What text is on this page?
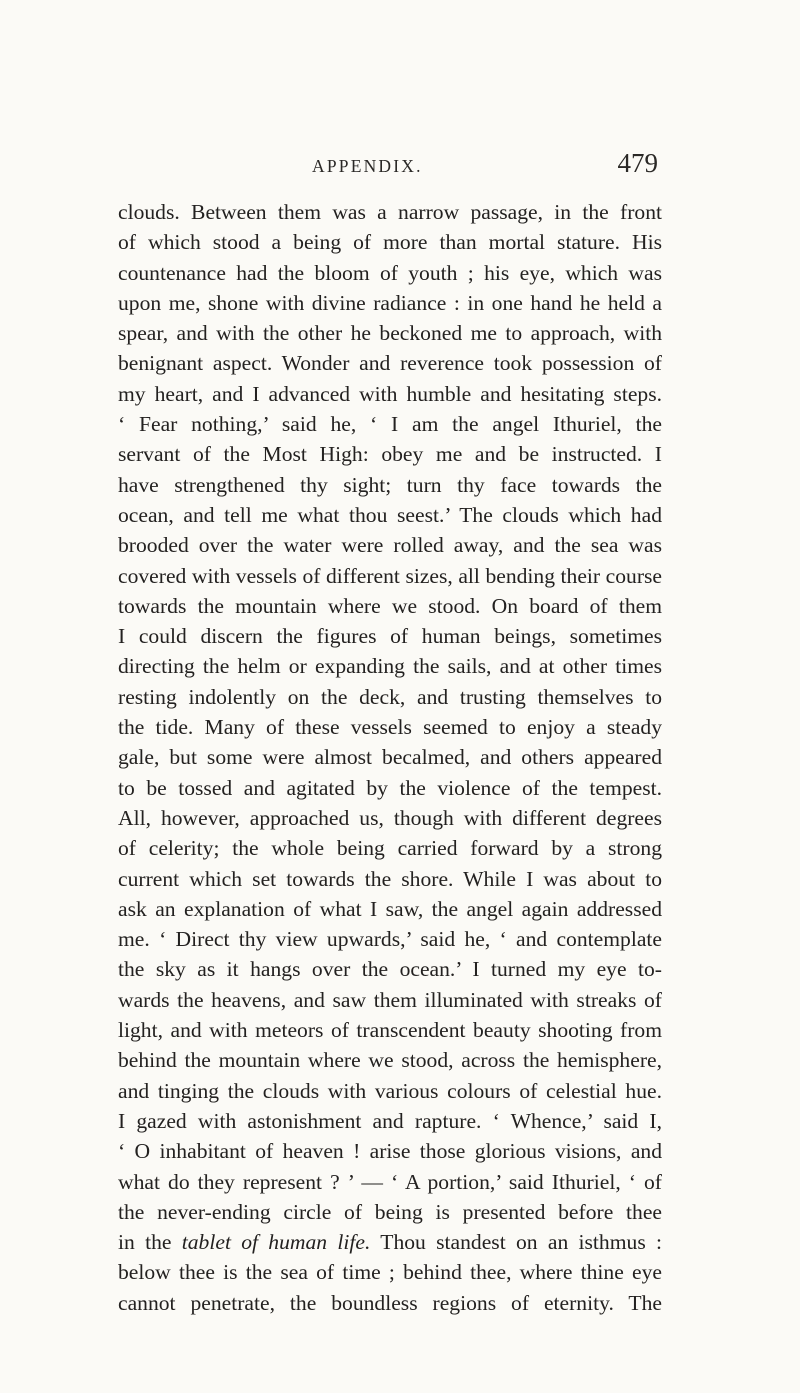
APPENDIX.	479
clouds. Between them was a narrow passage, in the front
of which stood a being of more than mortal stature. His
countenance had the bloom of youth ; his eye, which was
upon me, shone with divine radiance : in one hand he held a
spear, and with the other he beckoned me to approach, with
benignant aspect. Wonder and reverence took possession of
my heart, and I advanced with humble and hesitating steps.
‘ Fear nothing,’ said he, ‘ I am the angel Ithuriel, the
servant of the Most High: obey me and be instructed. I
have strengthened thy sight; turn thy face towards the
ocean, and tell me what thou seest.’ The clouds which had
brooded over the water were rolled away, and the sea was
covered with vessels of different sizes, all bending their course
towards the mountain where we stood. On board of them
I could discern the figures of human beings, sometimes
directing the helm or expanding the sails, and at other times
resting indolently on the deck, and trusting themselves to
the tide. Many of these vessels seemed to enjoy a steady
gale, but some were almost becalmed, and others appeared
to be tossed and agitated by the violence of the tempest.
All, however, approached us, though with different degrees
of celerity; the whole being carried forward by a strong
current which set towards the shore. While I was about to
ask an explanation of what I saw, the angel again addressed
me. ‘ Direct thy view upwards,’ said he, ‘ and contemplate
the sky as it hangs over the ocean.’ I turned my eye to-
wards the heavens, and saw them illuminated with streaks of
light, and with meteors of transcendent beauty shooting from
behind the mountain where we stood, across the hemisphere,
and tinging the clouds with various colours of celestial hue.
I gazed with astonishment and rapture. ‘ Whence,’ said I,
‘ O inhabitant of heaven ! arise those glorious visions, and
what do they represent ? ’ — ‘ A portion,’ said Ithuriel, ‘ of
the never-ending circle of being is presented before thee
in the tablet of human life. Thou standest on an isthmus :
below thee is the sea of time ; behind thee, where thine eye
cannot penetrate, the boundless regions of eternity. The
